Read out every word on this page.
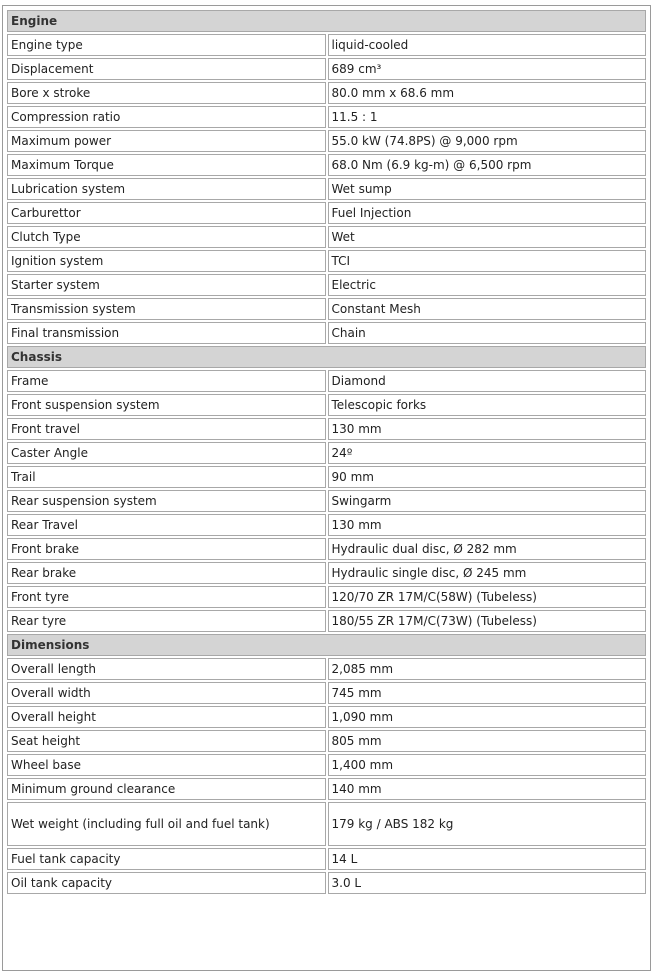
Engine	
Engine type	liquid-cooled
Displacement	689 cm³
Bore x stroke	80.0 mm x 68.6 mm
Compression ratio	11.5 : 1
Maximum power	55.0 kW (74.8PS) @ 9,000 rpm
Maximum Torque	68.0 Nm (6.9 kg-m) @ 6,500 rpm
Lubrication system	Wet sump
Carburettor	Fuel Injection
Clutch Type	Wet
Ignition system	TCI
Starter system	Electric
Transmission system	Constant Mesh
Final transmission	Chain
Chassis	
Frame	Diamond
Front suspension system	Telescopic forks
Front travel	130 mm
Caster Angle	24º
Trail	90 mm
Rear suspension system	Swingarm
Rear Travel	130 mm
Front brake	Hydraulic dual disc, Ø 282 mm
Rear brake	Hydraulic single disc, Ø 245 mm
Front tyre	120/70 ZR 17M/C(58W) (Tubeless)
Rear tyre	180/55 ZR 17M/C(73W) (Tubeless)
Dimensions	
Overall length	2,085 mm
Overall width	745 mm
Overall height	1,090 mm
Seat height	805 mm
Wheel base	1,400 mm
Minimum ground clearance	140 mm
Wet weight (including full oil and fuel tank)	179 kg / ABS 182 kg
Fuel tank capacity	14 L
Oil tank capacity	3.0 L
